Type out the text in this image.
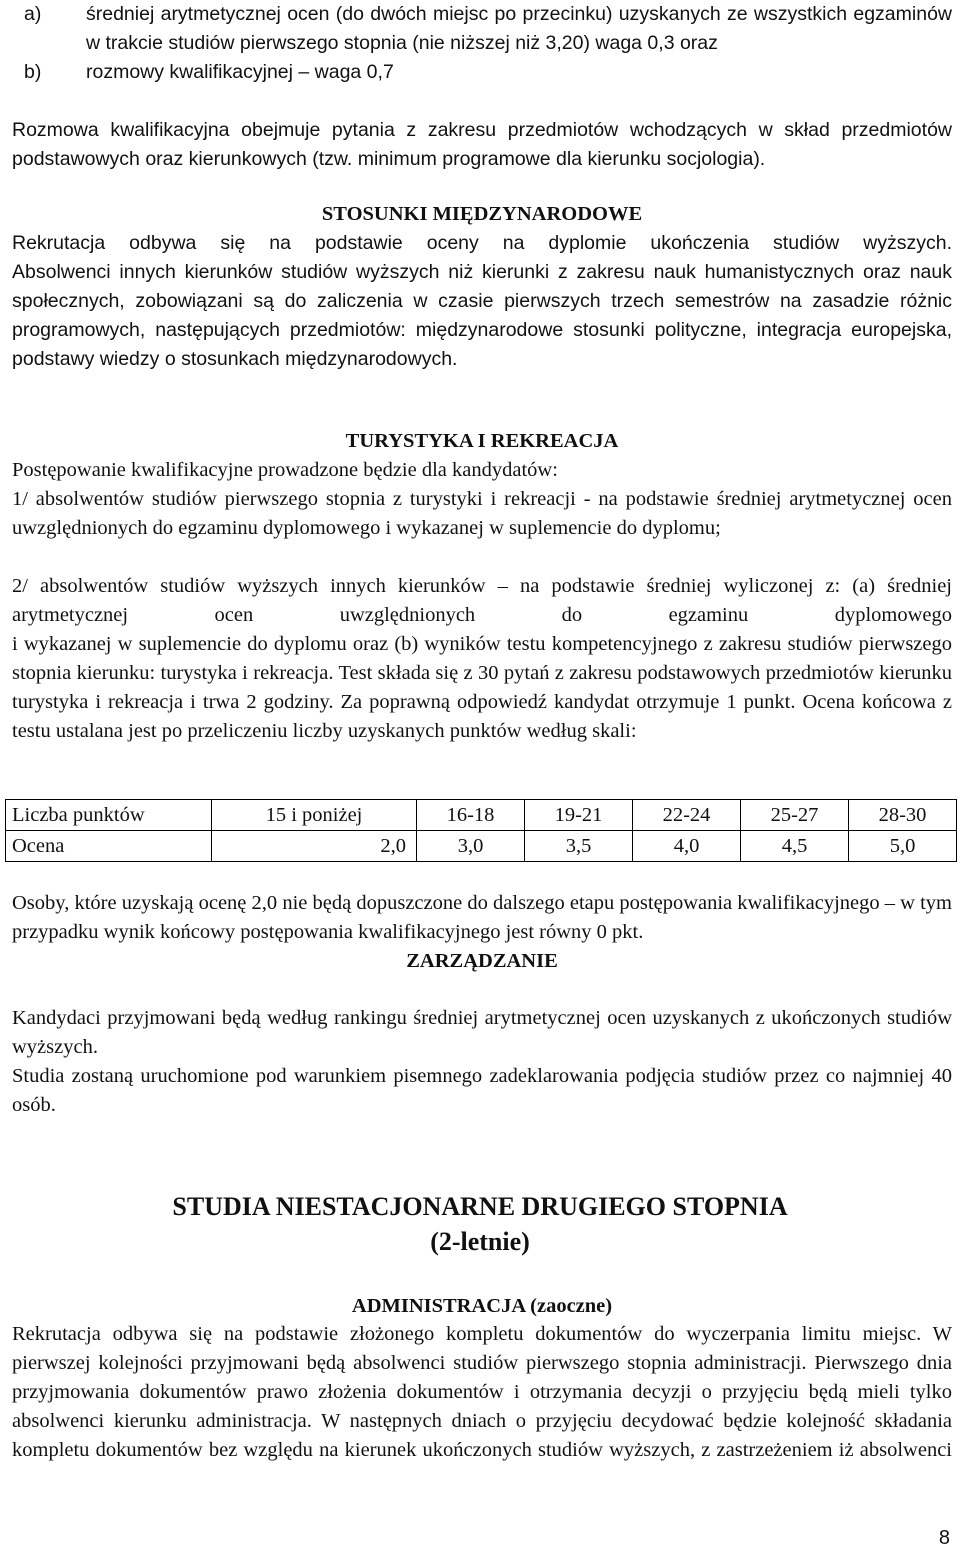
a) średniej arytmetycznej ocen (do dwóch miejsc po przecinku) uzyskanych ze wszystkich egzaminów w trakcie studiów pierwszego stopnia (nie niższej niż 3,20) waga 0,3 oraz
b) rozmowy kwalifikacyjnej – waga 0,7
Rozmowa kwalifikacyjna obejmuje pytania z zakresu przedmiotów wchodzących w skład przedmiotów podstawowych oraz kierunkowych (tzw. minimum programowe dla kierunku socjologia).
STOSUNKI MIĘDZYNARODOWE
Rekrutacja odbywa się na podstawie oceny na dyplomie ukończenia studiów wyższych.
Absolwenci innych kierunków studiów wyższych niż kierunki z zakresu nauk humanistycznych oraz nauk społecznych, zobowiązani są do zaliczenia w czasie pierwszych trzech semestrów na zasadzie różnic programowych, następujących przedmiotów: międzynarodowe stosunki polityczne, integracja europejska, podstawy wiedzy o stosunkach międzynarodowych.
TURYSTYKA I REKREACJA
Postępowanie kwalifikacyjne prowadzone będzie dla kandydatów:
1/ absolwentów studiów pierwszego stopnia z turystyki i rekreacji - na podstawie średniej arytmetycznej ocen uwzględnionych do egzaminu dyplomowego i wykazanej w suplemencie do dyplomu;
2/ absolwentów studiów wyższych innych kierunków – na podstawie średniej wyliczonej z: (a) średniej arytmetycznej ocen uwzględnionych do egzaminu dyplomowego
i wykazanej w suplemencie do dyplomu oraz (b) wyników testu kompetencyjnego z zakresu studiów pierwszego stopnia kierunku: turystyka i rekreacja. Test składa się z 30 pytań z zakresu podstawowych przedmiotów kierunku turystyka i rekreacja i trwa 2 godziny. Za poprawną odpowiedź kandydat otrzymuje 1 punkt. Ocena końcowa z testu ustalana jest po przeliczeniu liczby uzyskanych punktów według skali:
Liczba punktów	15 i poniżej	16-18	19-21	22-24	25-27	28-30
Ocena	2,0	3,0	3,5	4,0	4,5	5,0
Osoby, które uzyskają ocenę 2,0 nie będą dopuszczone do dalszego etapu postępowania kwalifikacyjnego – w tym przypadku wynik końcowy postępowania kwalifikacyjnego jest równy 0 pkt.
ZARZĄDZANIE
Kandydaci przyjmowani będą według rankingu średniej arytmetycznej ocen uzyskanych z ukończonych studiów wyższych.
Studia zostaną uruchomione pod warunkiem pisemnego zadeklarowania podjęcia studiów przez co najmniej 40 osób.
STUDIA NIESTACJONARNE DRUGIEGO STOPNIA
(2-letnie)
ADMINISTRACJA (zaoczne)
Rekrutacja odbywa się na podstawie złożonego kompletu dokumentów do wyczerpania limitu miejsc. W pierwszej kolejności przyjmowani będą absolwenci studiów pierwszego stopnia administracji. Pierwszego dnia przyjmowania dokumentów prawo złożenia dokumentów i otrzymania decyzji o przyjęciu będą mieli tylko absolwenci kierunku administracja. W następnych dniach o przyjęciu decydować będzie kolejność składania kompletu dokumentów bez względu na kierunek ukończonych studiów wyższych, z zastrzeżeniem iż absolwenci
8
